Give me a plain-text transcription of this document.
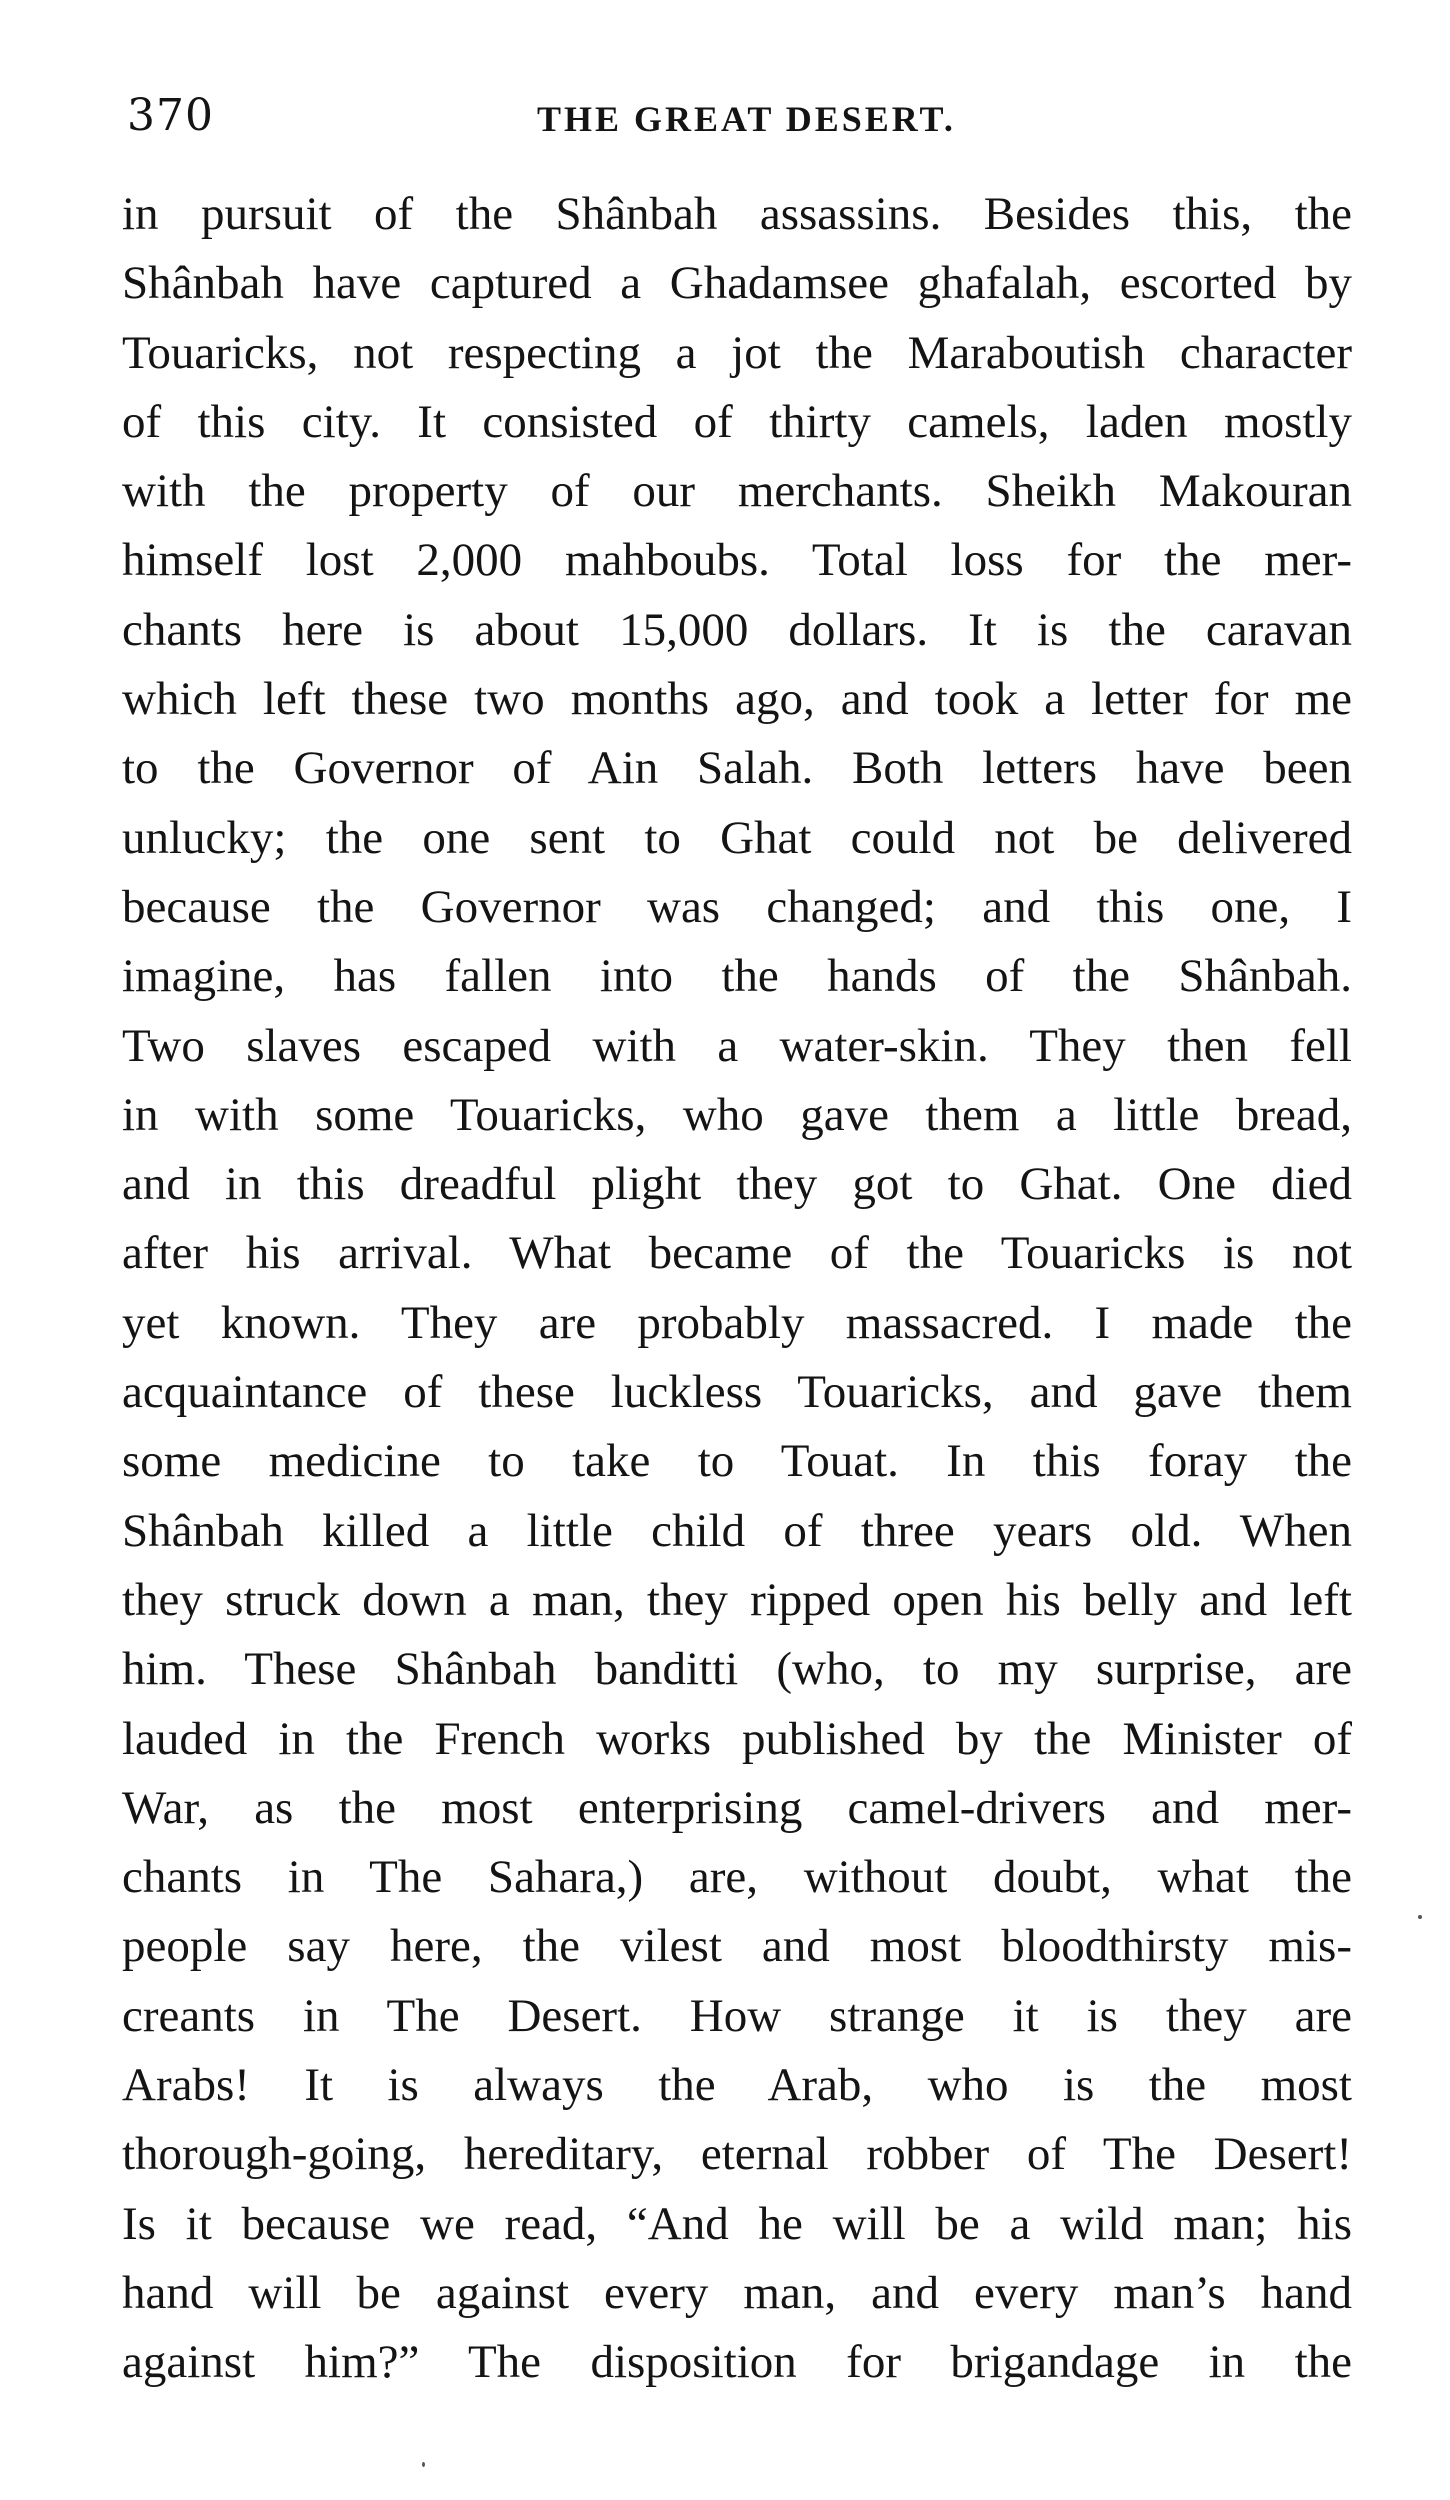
370	THE GREAT DESERT.
in pursuit of the Shânbah assassins. Besides this, the
Shânbah have captured a Ghadamsee ghafalah, escorted by
Touaricks, not respecting a jot the Maraboutish character
of this city. It consisted of thirty camels, laden mostly
with the property of our merchants. Sheikh Makouran
himself lost 2,000 mahboubs. Total loss for the mer-
chants here is about 15,000 dollars. It is the caravan
which left these two months ago, and took a letter for me
to the Governor of Ain Salah. Both letters have been
unlucky; the one sent to Ghat could not be delivered
because the Governor was changed; and this one, I
imagine, has fallen into the hands of the Shânbah.
Two slaves escaped with a water-skin. They then fell
in with some Touaricks, who gave them a little bread,
and in this dreadful plight they got to Ghat. One died
after his arrival. What became of the Touaricks is not
yet known. They are probably massacred. I made the
acquaintance of these luckless Touaricks, and gave them
some medicine to take to Touat. In this foray the
Shânbah killed a little child of three years old. When
they struck down a man, they ripped open his belly and left
him. These Shânbah banditti (who, to my surprise, are
lauded in the French works published by the Minister of
War, as the most enterprising camel-drivers and mer-
chants in The Sahara,) are, without doubt, what the
people say here, the vilest and most bloodthirsty mis-
creants in The Desert. How strange it is they are
Arabs! It is always the Arab, who is the most
thorough-going, hereditary, eternal robber of The Desert!
Is it because we read, “And he will be a wild man; his
hand will be against every man, and every man’s hand
against him?” The disposition for brigandage in the
